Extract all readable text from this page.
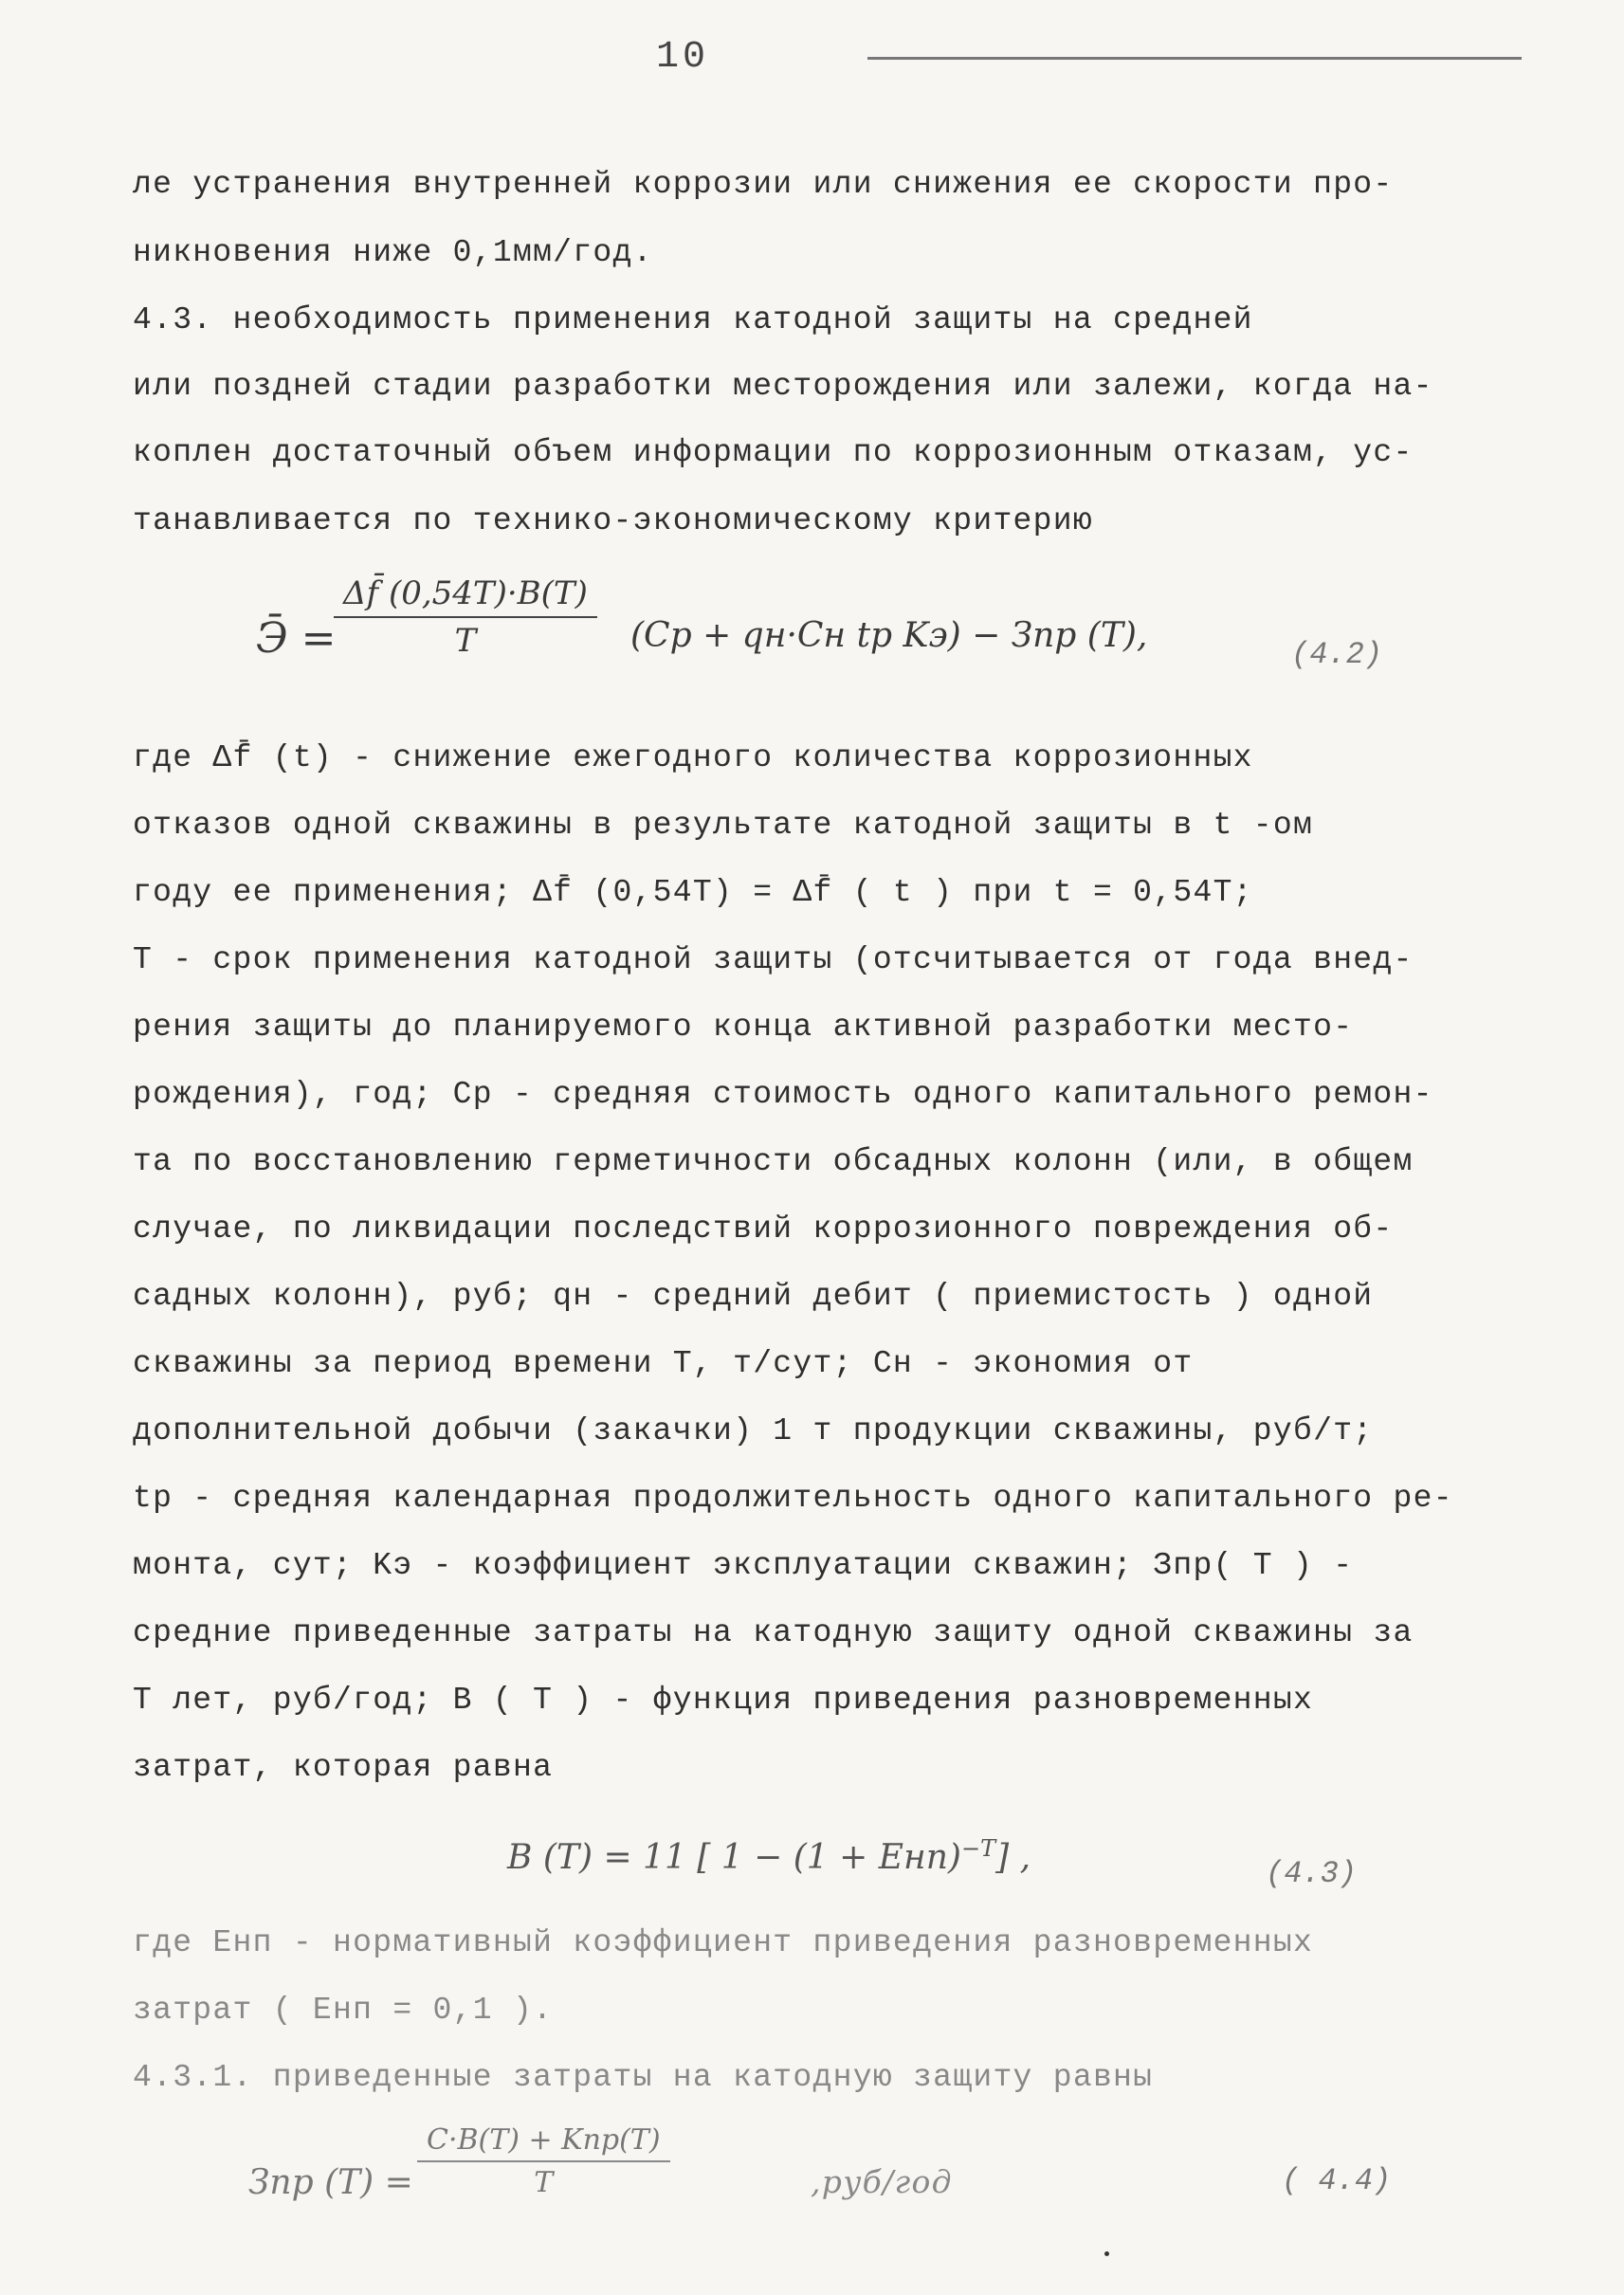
10
ле устранения внутренней коррозии или снижения ее скорости про-
никновения ниже 0,1мм/год.
4.3. необходимость применения катодной защиты на средней
или поздней стадии разработки месторождения или залежи, когда на-
коплен достаточный объем информации по коррозионным отказам, ус-
танавливается по технико-экономическому критерию
Э̄ =
Δf̄ (0,54T)·B(T)
T	(Cp + qн·Cн tр Kэ) − Зпр (T),	(4.2)
где Δf̄ (t) - снижение ежегодного количества коррозионных
отказов одной скважины в результате катодной защиты в t -ом
году ее применения; Δf̄ (0,54T) = Δf̄ ( t ) при t = 0,54T;
T - срок применения катодной защиты (отсчитывается от года внед-
рения защиты до планируемого конца активной разработки место-
рождения), год; Cр - средняя стоимость одного капитального ремон-
та по восстановлению герметичности обсадных колонн (или, в общем
случае, по ликвидации последствий коррозионного повреждения об-
садных колонн), руб; qн - средний дебит ( приемистость ) одной
скважины за период времени T, т/сут; Cн - экономия от
дополнительной добычи (закачки) 1 т продукции скважины, руб/т;
tр - средняя календарная продолжительность одного капитального ре-
монта, сут; Kэ - коэффициент эксплуатации скважин; Зпр( T ) -
средние приведенные затраты на катодную защиту одной скважины за
T лет, руб/год; B ( T ) - функция приведения разновременных
затрат, которая равна
B (T) = 11 [ 1 − (1 + Eнп)$^{-T}$] ,	(4.3)
где Eнп - нормативный коэффициент приведения разновременных
затрат ( Eнп = 0,1 ).
4.3.1. приведенные затраты на катодную защиту равны
Зпр (T) =
C·B(T) + Kпр(T)
T	,руб/год	( 4.4)
